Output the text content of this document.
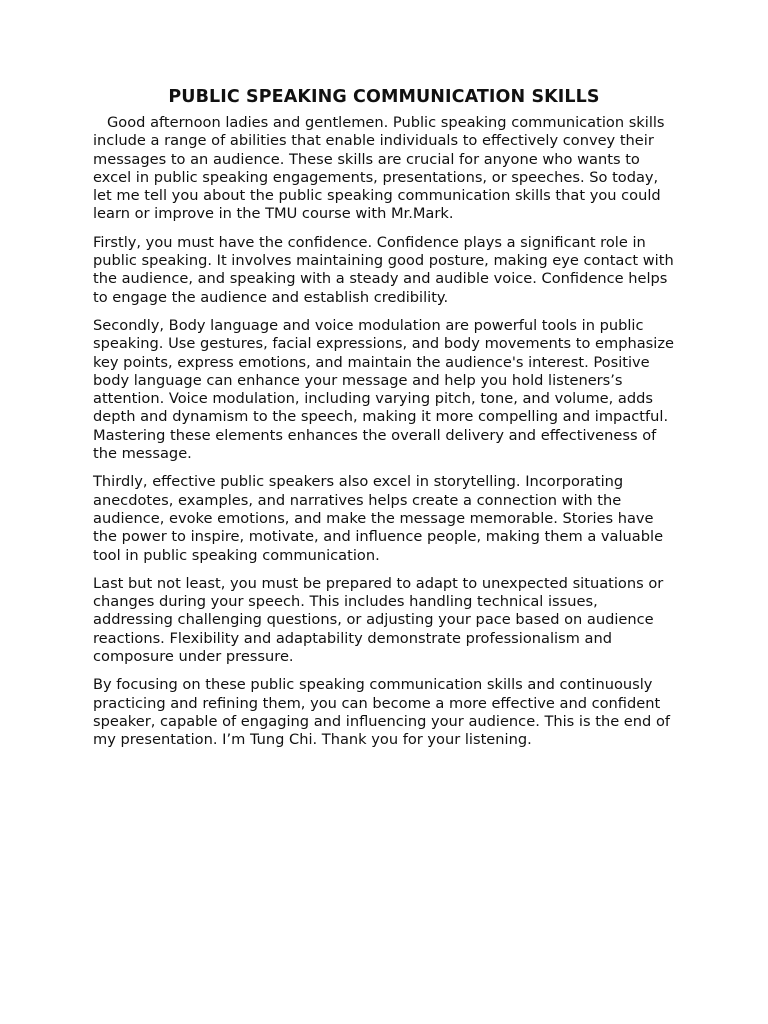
PUBLIC SPEAKING COMMUNICATION SKILLS

Good afternoon ladies and gentlemen. Public speaking communication skills include a range of abilities that enable individuals to effectively convey their messages to an audience. These skills are crucial for anyone who wants to excel in public speaking engagements, presentations, or speeches. So today, let me tell you about the public speaking communication skills that you could learn or improve in the TMU course with Mr.Mark.

Firstly, you must have the confidence. Confidence plays a significant role in public speaking. It involves maintaining good posture, making eye contact with the audience, and speaking with a steady and audible voice. Confidence helps to engage the audience and establish credibility.

Secondly, Body language and voice modulation are powerful tools in public speaking. Use gestures, facial expressions, and body movements to emphasize key points, express emotions, and maintain the audience's interest. Positive body language can enhance your message and help you hold listeners’s attention. Voice modulation, including varying pitch, tone, and volume, adds depth and dynamism to the speech, making it more compelling and impactful. Mastering these elements enhances the overall delivery and effectiveness of the message.

Thirdly, effective public speakers also excel in storytelling. Incorporating anecdotes, examples, and narratives helps create a connection with the audience, evoke emotions, and make the message memorable. Stories have the power to inspire, motivate, and influence people, making them a valuable tool in public speaking communication.

Last but not least, you must be prepared to adapt to unexpected situations or changes during your speech. This includes handling technical issues, addressing challenging questions, or adjusting your pace based on audience reactions. Flexibility and adaptability demonstrate professionalism and composure under pressure.

By focusing on these public speaking communication skills and continuously practicing and refining them, you can become a more effective and confident speaker, capable of engaging and influencing your audience. This is the end of my presentation. I’m Tung Chi. Thank you for your listening.
